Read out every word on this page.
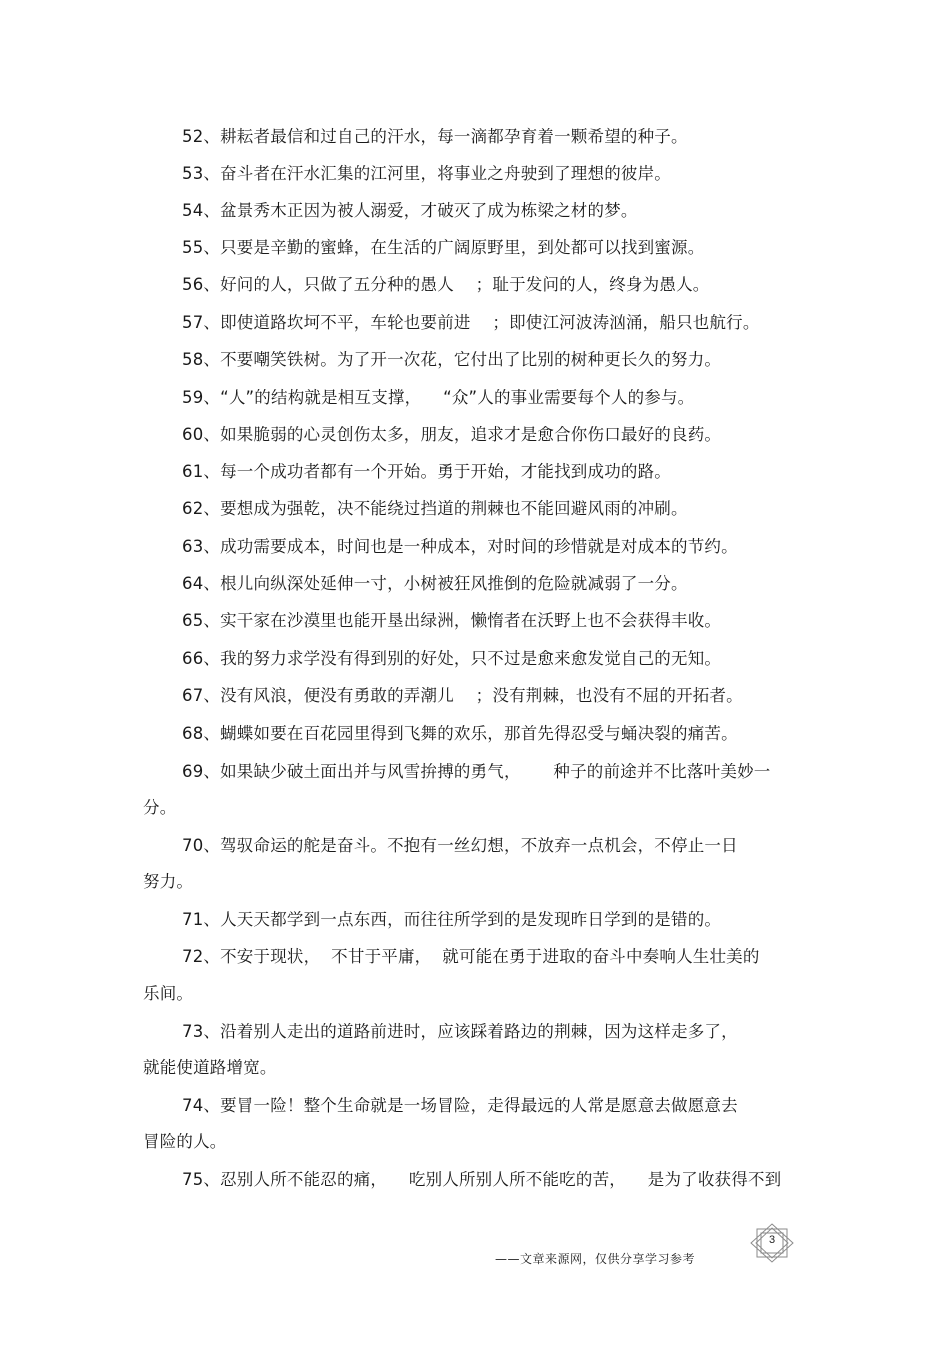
52、耕耘者最信和过自己的汗水，每一滴都孕育着一颗希望的种子。
53、奋斗者在汗水汇集的江河里，将事业之舟驶到了理想的彼岸。
54、盆景秀木正因为被人溺爱，才破灭了成为栋梁之材的梦。
55、只要是辛勤的蜜蜂，在生活的广阔原野里，到处都可以找到蜜源。
56、好问的人，只做了五分种的愚人    ；耻于发问的人，终身为愚人。
57、即使道路坎坷不平，车轮也要前进    ；即使江河波涛汹涌，船只也航行。
58、不要嘲笑铁树。为了开一次花，它付出了比别的树种更长久的努力。
59、“人”的结构就是相互支撑，    “众”人的事业需要每个人的参与。
60、如果脆弱的心灵创伤太多，朋友，追求才是愈合你伤口最好的良药。
61、每一个成功者都有一个开始。勇于开始，才能找到成功的路。
62、要想成为强乾，决不能绕过挡道的荆棘也不能回避风雨的冲刷。
63、成功需要成本，时间也是一种成本，对时间的珍惜就是对成本的节约。
64、根儿向纵深处延伸一寸，小树被狂风推倒的危险就减弱了一分。
65、实干家在沙漠里也能开垦出绿洲，懒惰者在沃野上也不会获得丰收。
66、我的努力求学没有得到别的好处，只不过是愈来愈发觉自己的无知。
67、没有风浪，便没有勇敢的弄潮儿    ；没有荆棘，也没有不屈的开拓者。
68、蝴蝶如要在百花园里得到飞舞的欢乐，那首先得忍受与蛹决裂的痛苦。
69、如果缺少破土面出并与风雪拚搏的勇气，      种子的前途并不比落叶美妙一
分。
70、驾驭命运的舵是奋斗。不抱有一丝幻想，不放弃一点机会，不停止一日
努力。
71、人天天都学到一点东西，而往往所学到的是发现昨日学到的是错的。
72、不安于现状，  不甘于平庸，  就可能在勇于进取的奋斗中奏响人生壮美的
乐间。
73、沿着别人走出的道路前进时，应该踩着路边的荆棘，因为这样走多了，
就能使道路增宽。
74、要冒一险！整个生命就是一场冒险，走得最远的人常是愿意去做愿意去
冒险的人。
75、忍别人所不能忍的痛，    吃别人所别人所不能吃的苦，    是为了收获得不到
——文章来源网，仅供分享学习参考
3
